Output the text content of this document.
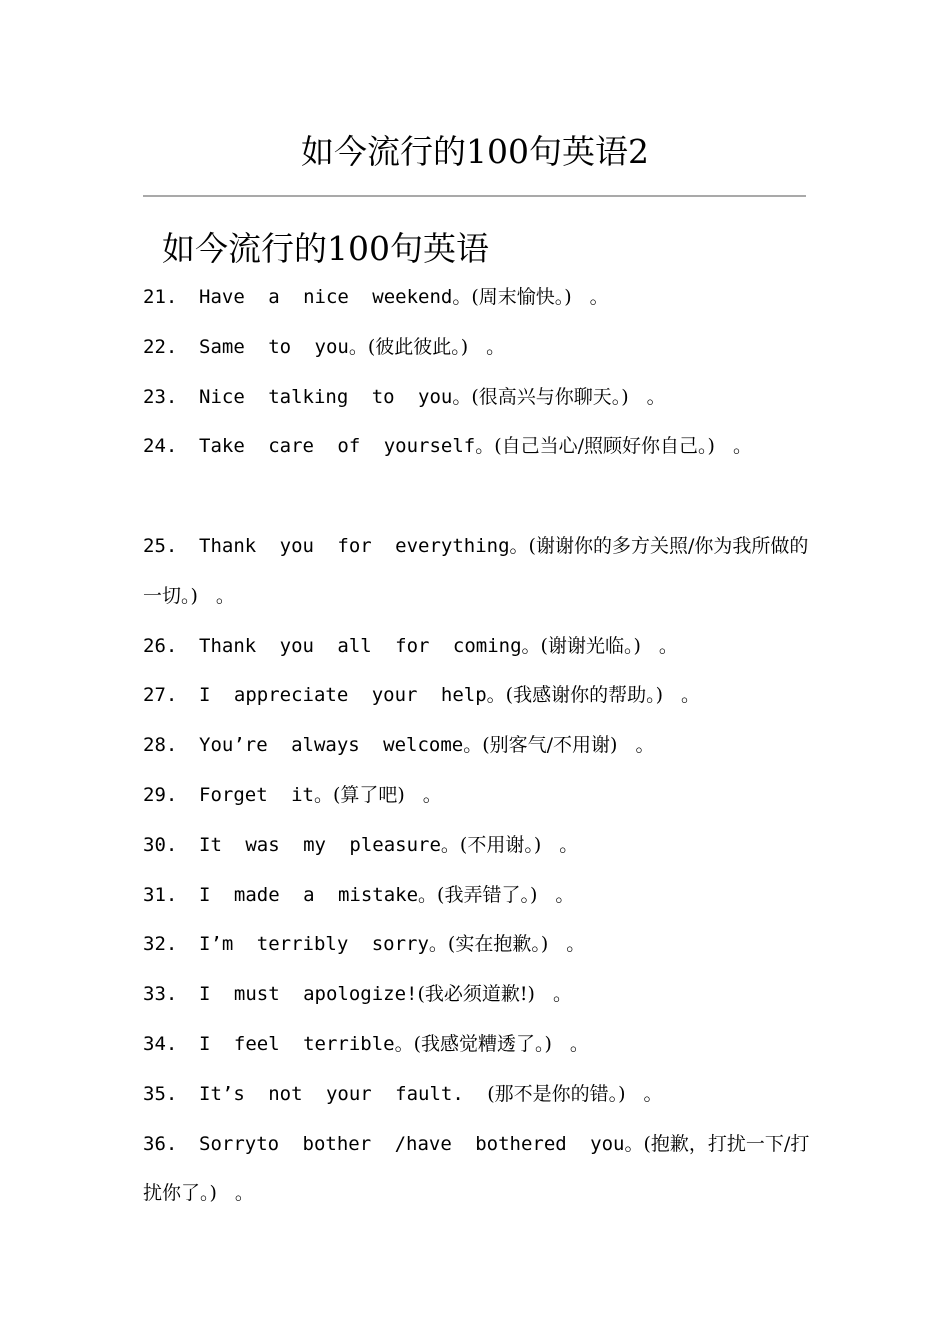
如今流行的100句英语2
如今流行的100句英语

21. Have a nice weekend。(周末愉快。) 。

22. Same to you。(彼此彼此。) 。

23. Nice talking to you。(很高兴与你聊天。) 。

24. Take care of yourself。(自己当心/照顾好你自己。) 。

25. Thank you for everything。(谢谢你的多方关照/你为我所做的一切。) 。

26. Thank you all for coming。(谢谢光临。) 。

27. I appreciate your help。(我感谢你的帮助。) 。

28. You’re always welcome。(别客气/不用谢) 。

29. Forget it。(算了吧) 。

30. It was my pleasure。(不用谢。) 。

31. I made a mistake。(我弄错了。) 。

32. I’m terribly sorry。(实在抱歉。) 。

33. I must apologize!(我必须道歉!) 。

34. I feel terrible。(我感觉糟透了。) 。

35. It’s not your fault. (那不是你的错。) 。

36. Sorryto bother /have bothered you。(抱歉，打扰一下/打扰你了。) 。
